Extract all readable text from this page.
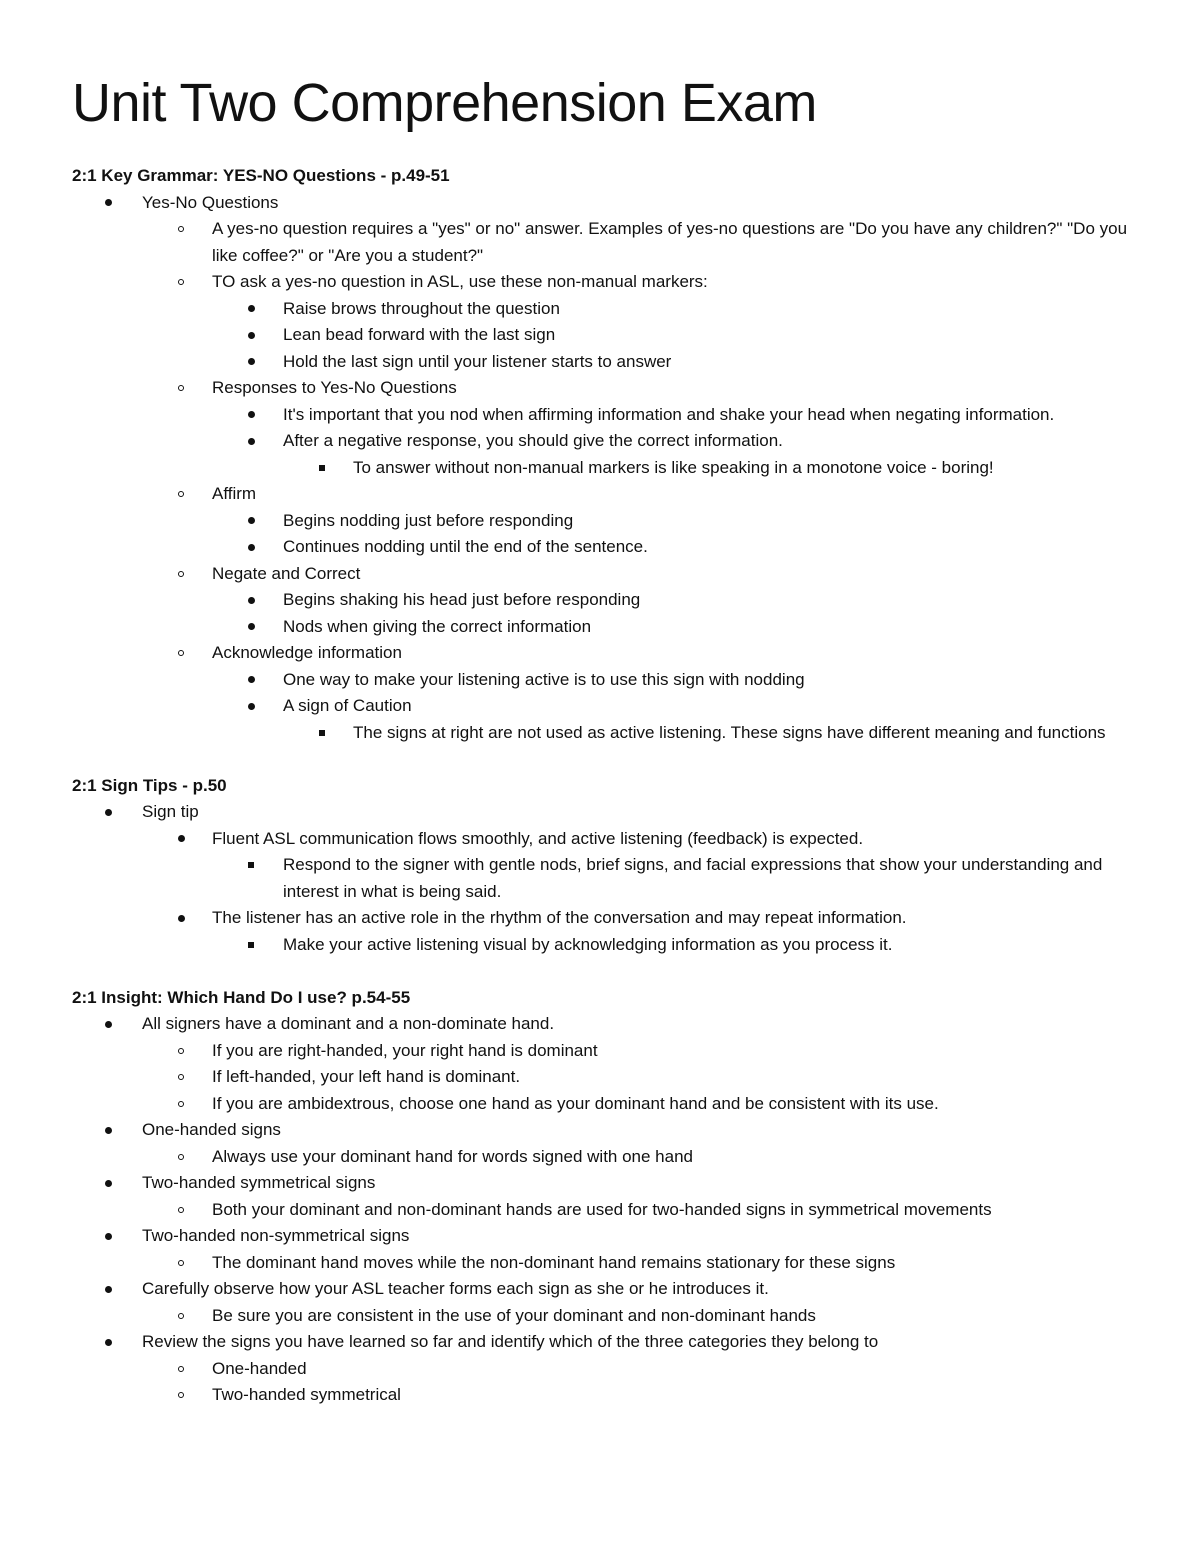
Unit Two Comprehension Exam
2:1 Key Grammar: YES-NO Questions - p.49-51
Yes-No Questions
A yes-no question requires a "yes" or no" answer. Examples of yes-no questions are "Do you have any children?" "Do you like coffee?" or "Are you a student?"
TO ask a yes-no question in ASL, use these non-manual markers:
Raise brows throughout the question
Lean bead forward with the last sign
Hold the last sign until your listener starts to answer
Responses to Yes-No Questions
It's important that you nod when affirming information and shake your head when negating information.
After a negative response, you should give the correct information.
To answer without non-manual markers is like speaking in a monotone voice - boring!
Affirm
Begins nodding just before responding
Continues nodding until the end of the sentence.
Negate and Correct
Begins shaking his head just before responding
Nods when giving the correct information
Acknowledge information
One way to make your listening active is to use this sign with nodding
A sign of Caution
The signs at right are not used as active listening. These signs have different meaning and functions
2:1 Sign Tips - p.50
Sign tip
Fluent ASL communication flows smoothly, and active listening (feedback) is expected.
Respond to the signer with gentle nods, brief signs, and facial expressions that show your understanding and interest in what is being said.
The listener has an active role in the rhythm of the conversation and may repeat information.
Make your active listening visual by acknowledging information as you process it.
2:1 Insight: Which Hand Do I use? p.54-55
All signers have a dominant and a non-dominate hand.
If you are right-handed, your right hand is dominant
If left-handed, your left hand is dominant.
If you are ambidextrous, choose one hand as your dominant hand and be consistent with its use.
One-handed signs
Always use your dominant hand for words signed with one hand
Two-handed symmetrical signs
Both your dominant and non-dominant hands are used for two-handed signs in symmetrical movements
Two-handed non-symmetrical signs
The dominant hand moves while the non-dominant hand remains stationary for these signs
Carefully observe how your ASL teacher forms each sign as she or he introduces it.
Be sure you are consistent in the use of your dominant and non-dominant hands
Review the signs you have learned so far and identify which of the three categories they belong to
One-handed
Two-handed symmetrical
